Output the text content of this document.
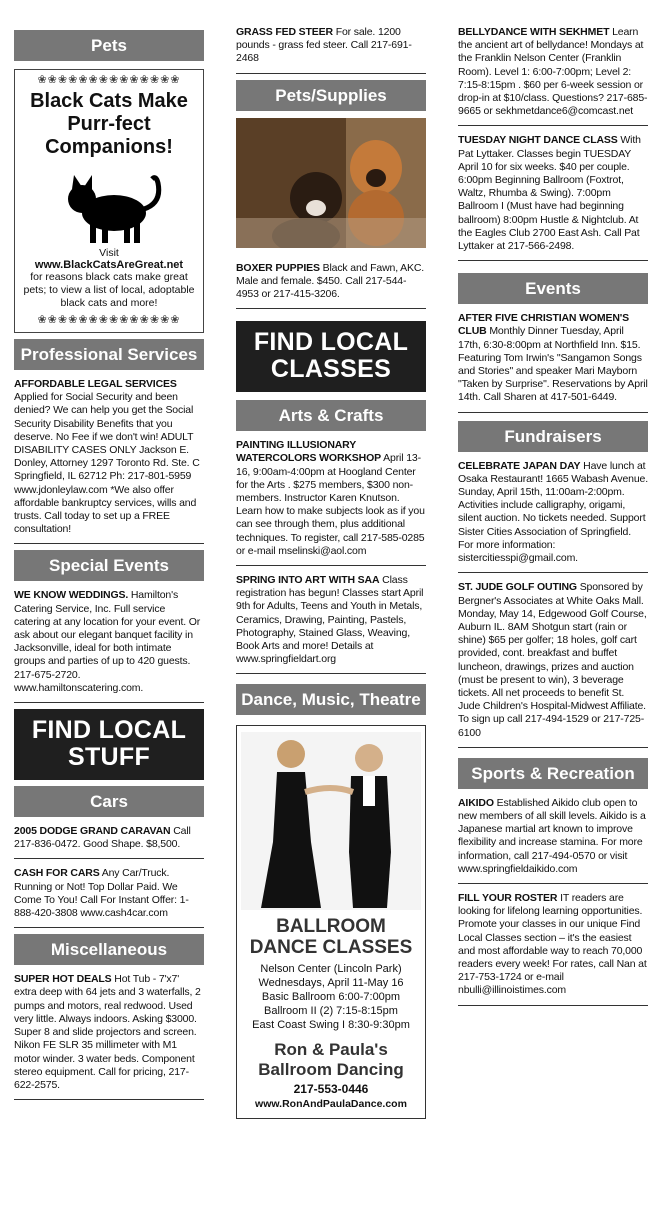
Pets
❀❀❀❀❀❀❀❀❀❀❀❀❀❀
Black Cats Make
Purr-fect Companions!
Visit
www.BlackCatsAreGreat.net
for reasons black cats make great pets; to view a list of local, adoptable black cats and more!
❀❀❀❀❀❀❀❀❀❀❀❀❀❀
Professional Services
AFFORDABLE LEGAL SERVICES Applied for Social Security and been denied? We can help you get the Social Security Disability Benefits that you deserve. No Fee if we don't win! ADULT DISABILITY CASES ONLY Jackson E. Donley, Attorney 1297 Toronto Rd. Ste. C Springfield, IL 62712 Ph: 217-801-5959 www.jdonleylaw.com *We also offer affordable bankruptcy services, wills and trusts. Call today to set up a FREE consultation!
Special Events
WE KNOW WEDDINGS. Hamilton's Catering Service, Inc. Full service catering at any location for your event. Or ask about our elegant banquet facility in Jacksonville, ideal for both intimate groups and parties of up to 420 guests. 217-675-2720. www.hamiltonscatering.com.
FIND LOCAL
STUFF
Cars
2005 DODGE GRAND CARAVAN Call 217-836-0472. Good Shape. $8,500.
CASH FOR CARS Any Car/Truck. Running or Not! Top Dollar Paid. We Come To You! Call For Instant Offer: 1-888-420-3808 www.cash4car.com
Miscellaneous
SUPER HOT DEALS Hot Tub - 7'x7' extra deep with 64 jets and 3 waterfalls, 2 pumps and motors, real redwood. Used very little. Always indoors. Asking $3000. Super 8 and slide projectors and screen. Nikon FE SLR 35 millimeter with M1 motor winder. 3 water beds. Component stereo equipment. Call for pricing, 217-622-2575.
GRASS FED STEER For sale. 1200 pounds - grass fed steer. Call 217-691-2468
Pets/Supplies
BOXER PUPPIES Black and Fawn, AKC. Male and female. $450. Call 217-544-4953 or 217-415-3206.
FIND LOCAL
CLASSES
Arts & Crafts
PAINTING ILLUSIONARY WATERCOLORS WORKSHOP April 13-16, 9:00am-4:00pm at Hoogland Center for the Arts . $275 members, $300 non-members. Instructor Karen Knutson. Learn how to make subjects look as if you can see through them, plus additional techniques. To register, call 217-585-0285 or e-mail mselinski@aol.com
SPRING INTO ART WITH SAA Class registration has begun! Classes start April 9th for Adults, Teens and Youth in Metals, Ceramics, Drawing, Painting, Pastels, Photography, Stained Glass, Weaving, Book Arts and more! Details at www.springfieldart.org
Dance, Music, Theatre
BALLROOM
DANCE CLASSES
Nelson Center (Lincoln Park)
Wednesdays, April 11-May 16
Basic Ballroom 6:00-7:00pm
Ballroom II (2) 7:15-8:15pm
East Coast Swing I 8:30-9:30pm
Ron & Paula's
Ballroom Dancing
217-553-0446
www.RonAndPaulaDance.com
BELLYDANCE WITH SEKHMET Learn the ancient art of bellydance! Mondays at the Franklin Nelson Center (Franklin Room). Level 1: 6:00-7:00pm; Level 2: 7:15-8:15pm . $60 per 6-week session or drop-in at $10/class. Questions? 217-685-9665 or sekhmetdance6@comcast.net
TUESDAY NIGHT DANCE CLASS With Pat Lyttaker. Classes begin TUESDAY April 10 for six weeks. $40 per couple. 6:00pm Beginning Ballroom (Foxtrot, Waltz, Rhumba & Swing). 7:00pm Ballroom I (Must have had beginning ballroom) 8:00pm Hustle & Nightclub. At the Eagles Club 2700 East Ash. Call Pat Lyttaker at 217-566-2498.
Events
AFTER FIVE CHRISTIAN WOMEN'S CLUB Monthly Dinner Tuesday, April 17th, 6:30-8:00pm at Northfield Inn. $15. Featuring Tom Irwin's "Sangamon Songs and Stories" and speaker Mari Mayborn "Taken by Surprise". Reservations by April 14th. Call Sharen at 417-501-6449.
Fundraisers
CELEBRATE JAPAN DAY Have lunch at Osaka Restaurant! 1665 Wabash Avenue. Sunday, April 15th, 11:00am-2:00pm. Activities include calligraphy, origami, silent auction. No tickets needed. Support Sister Cities Association of Springfield. For more information: sistercitiesspi@gmail.com.
ST. JUDE GOLF OUTING Sponsored by Bergner's Associates at White Oaks Mall. Monday, May 14, Edgewood Golf Course, Auburn IL. 8AM Shotgun start (rain or shine) $65 per golfer; 18 holes, golf cart provided, cont. breakfast and buffet luncheon, drawings, prizes and auction (must be present to win), 3 beverage tickets. All net proceeds to benefit St. Jude Children's Hospital-Midwest Affiliate. To sign up call 217-494-1529 or 217-725-6100
Sports & Recreation
AIKIDO Established Aikido club open to new members of all skill levels. Aikido is a Japanese martial art known to improve flexibility and increase stamina. For more information, call 217-494-0570 or visit www.springfieldaikido.com
FILL YOUR ROSTER IT readers are looking for lifelong learning opportunities. Promote your classes in our unique Find Local Classes section – it's the easiest and most affordable way to reach 70,000 readers every week! For rates, call Nan at 217-753-1724 or e-mail nbulli@illinoistimes.com
